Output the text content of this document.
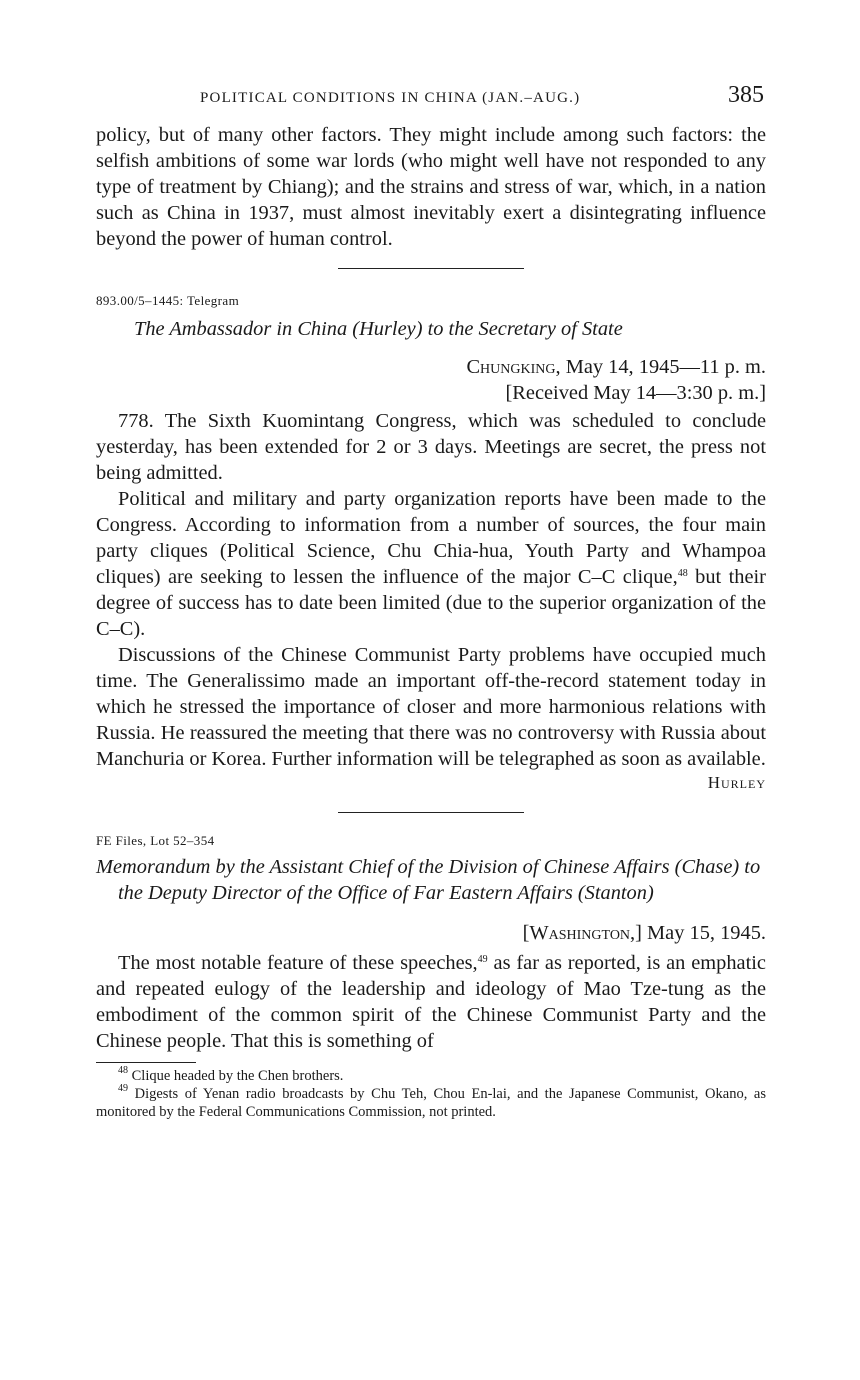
POLITICAL CONDITIONS IN CHINA (JAN.–AUG.)	385

policy, but of many other factors. They might include among such factors: the selfish ambitions of some war lords (who might well have not responded to any type of treatment by Chiang); and the strains and stress of war, which, in a nation such as China in 1937, must almost inevitably exert a disintegrating influence beyond the power of human control.

893.00/5–1445: Telegram
The Ambassador in China (Hurley) to the Secretary of State
Chungking, May 14, 1945—11 p. m.
[Received May 14—3:30 p. m.]

778. The Sixth Kuomintang Congress, which was scheduled to conclude yesterday, has been extended for 2 or 3 days. Meetings are secret, the press not being admitted.

Political and military and party organization reports have been made to the Congress. According to information from a number of sources, the four main party cliques (Political Science, Chu Chia-hua, Youth Party and Whampoa cliques) are seeking to lessen the influence of the major C–C clique,$^{48}$ but their degree of success has to date been limited (due to the superior organization of the C–C).

Discussions of the Chinese Communist Party problems have occupied much time. The Generalissimo made an important off-the-record statement today in which he stressed the importance of closer and more harmonious relations with Russia. He reassured the meeting that there was no controversy with Russia about Manchuria or Korea. Further information will be telegraphed as soon as available.

Hurley
FE Files, Lot 52–354
Memorandum by the Assistant Chief of the Division of Chinese Affairs (Chase) to the Deputy Director of the Office of Far Eastern Affairs (Stanton)
[Washington,] May 15, 1945.

The most notable feature of these speeches,$^{49}$ as far as reported, is an emphatic and repeated eulogy of the leadership and ideology of Mao Tze-tung as the embodiment of the common spirit of the Chinese Communist Party and the Chinese people. That this is something of

$^{48}$ Clique headed by the Chen brothers.
$^{49}$ Digests of Yenan radio broadcasts by Chu Teh, Chou En-lai, and the Japanese Communist, Okano, as monitored by the Federal Communications Commission, not printed.
